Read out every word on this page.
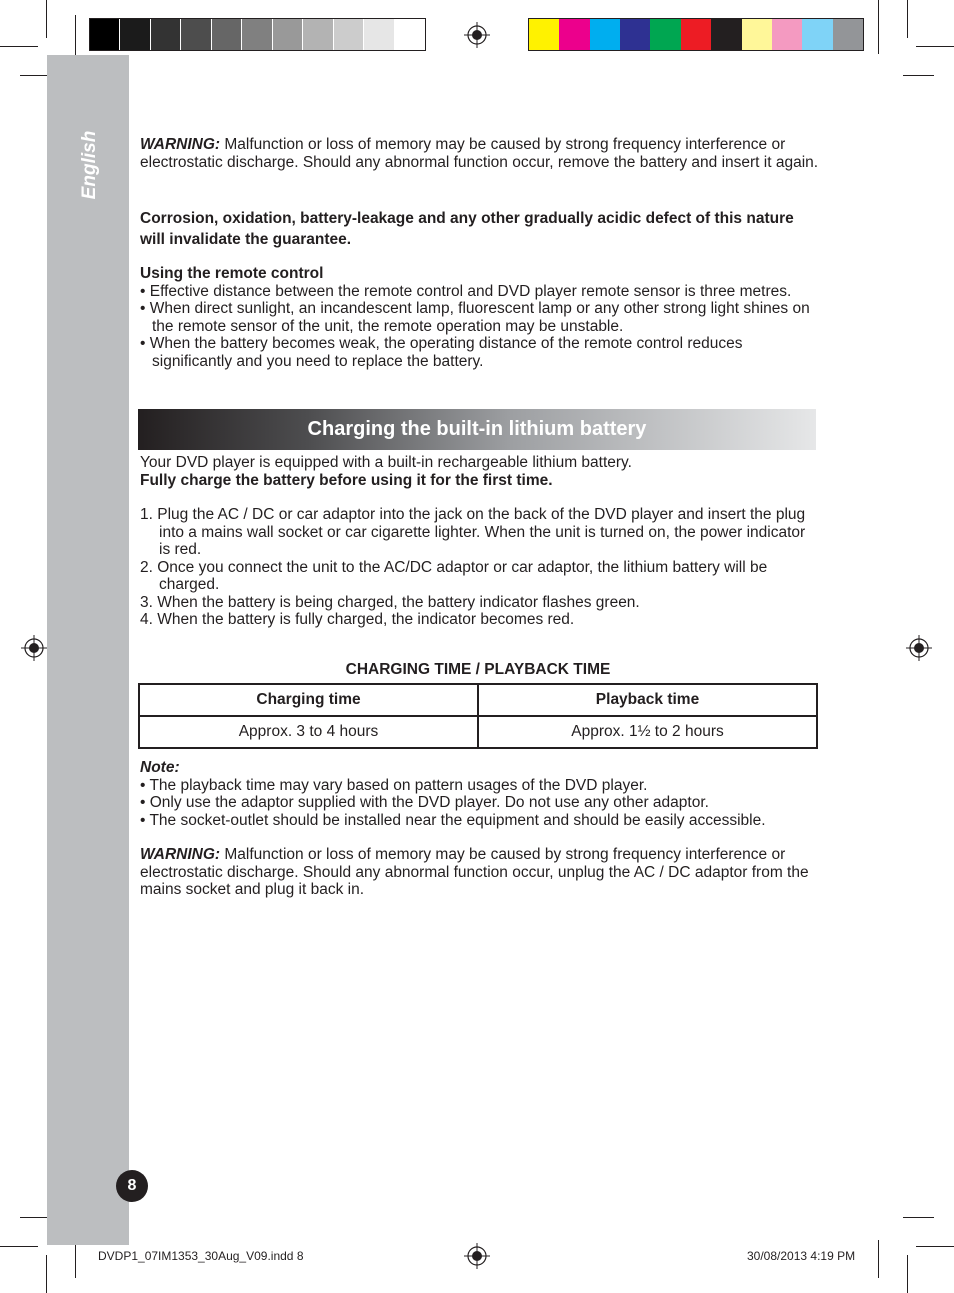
English
8

WARNING: Malfunction or loss of memory may be caused by strong frequency interference or electrostatic discharge. Should any abnormal function occur, remove the battery and insert it again.

Corrosion, oxidation, battery-leakage and any other gradually acidic defect of this nature will invalidate the guarantee.

Using the remote control

• Effective distance between the remote control and DVD player remote sensor is three metres.

• When direct sunlight, an incandescent lamp, fluorescent lamp or any other strong light shines on the remote sensor of the unit, the remote operation may be unstable.

• When the battery becomes weak, the operating distance of the remote control reduces significantly and you need to replace the battery.

Charging the built-in lithium battery

Your DVD player is equipped with a built-in rechargeable lithium battery.

Fully charge the battery before using it for the first time.

1. Plug the AC / DC or car adaptor into the jack on the back of the DVD player and insert the plug into a mains wall socket or car cigarette lighter. When the unit is turned on, the power indicator is red.

2. Once you connect the unit to the AC/DC adaptor or car adaptor, the lithium battery will be charged.

3. When the battery is being charged, the battery indicator flashes green.

4. When the battery is fully charged, the indicator becomes red.

CHARGING TIME / PLAYBACK TIME
Charging time	Playback time
Approx. 3 to 4 hours	Approx. 1½ to 2 hours

Note:

• The playback time may vary based on pattern usages of the DVD player.

• Only use the adaptor supplied with the DVD player. Do not use any other adaptor.

• The socket-outlet should be installed near the equipment and should be easily accessible.

WARNING: Malfunction or loss of memory may be caused by strong frequency interference or electrostatic discharge. Should any abnormal function occur, unplug the AC / DC adaptor from the mains socket and plug it back in.

DVDP1_07IM1353_30Aug_V09.indd 8	30/08/2013 4:19 PM
